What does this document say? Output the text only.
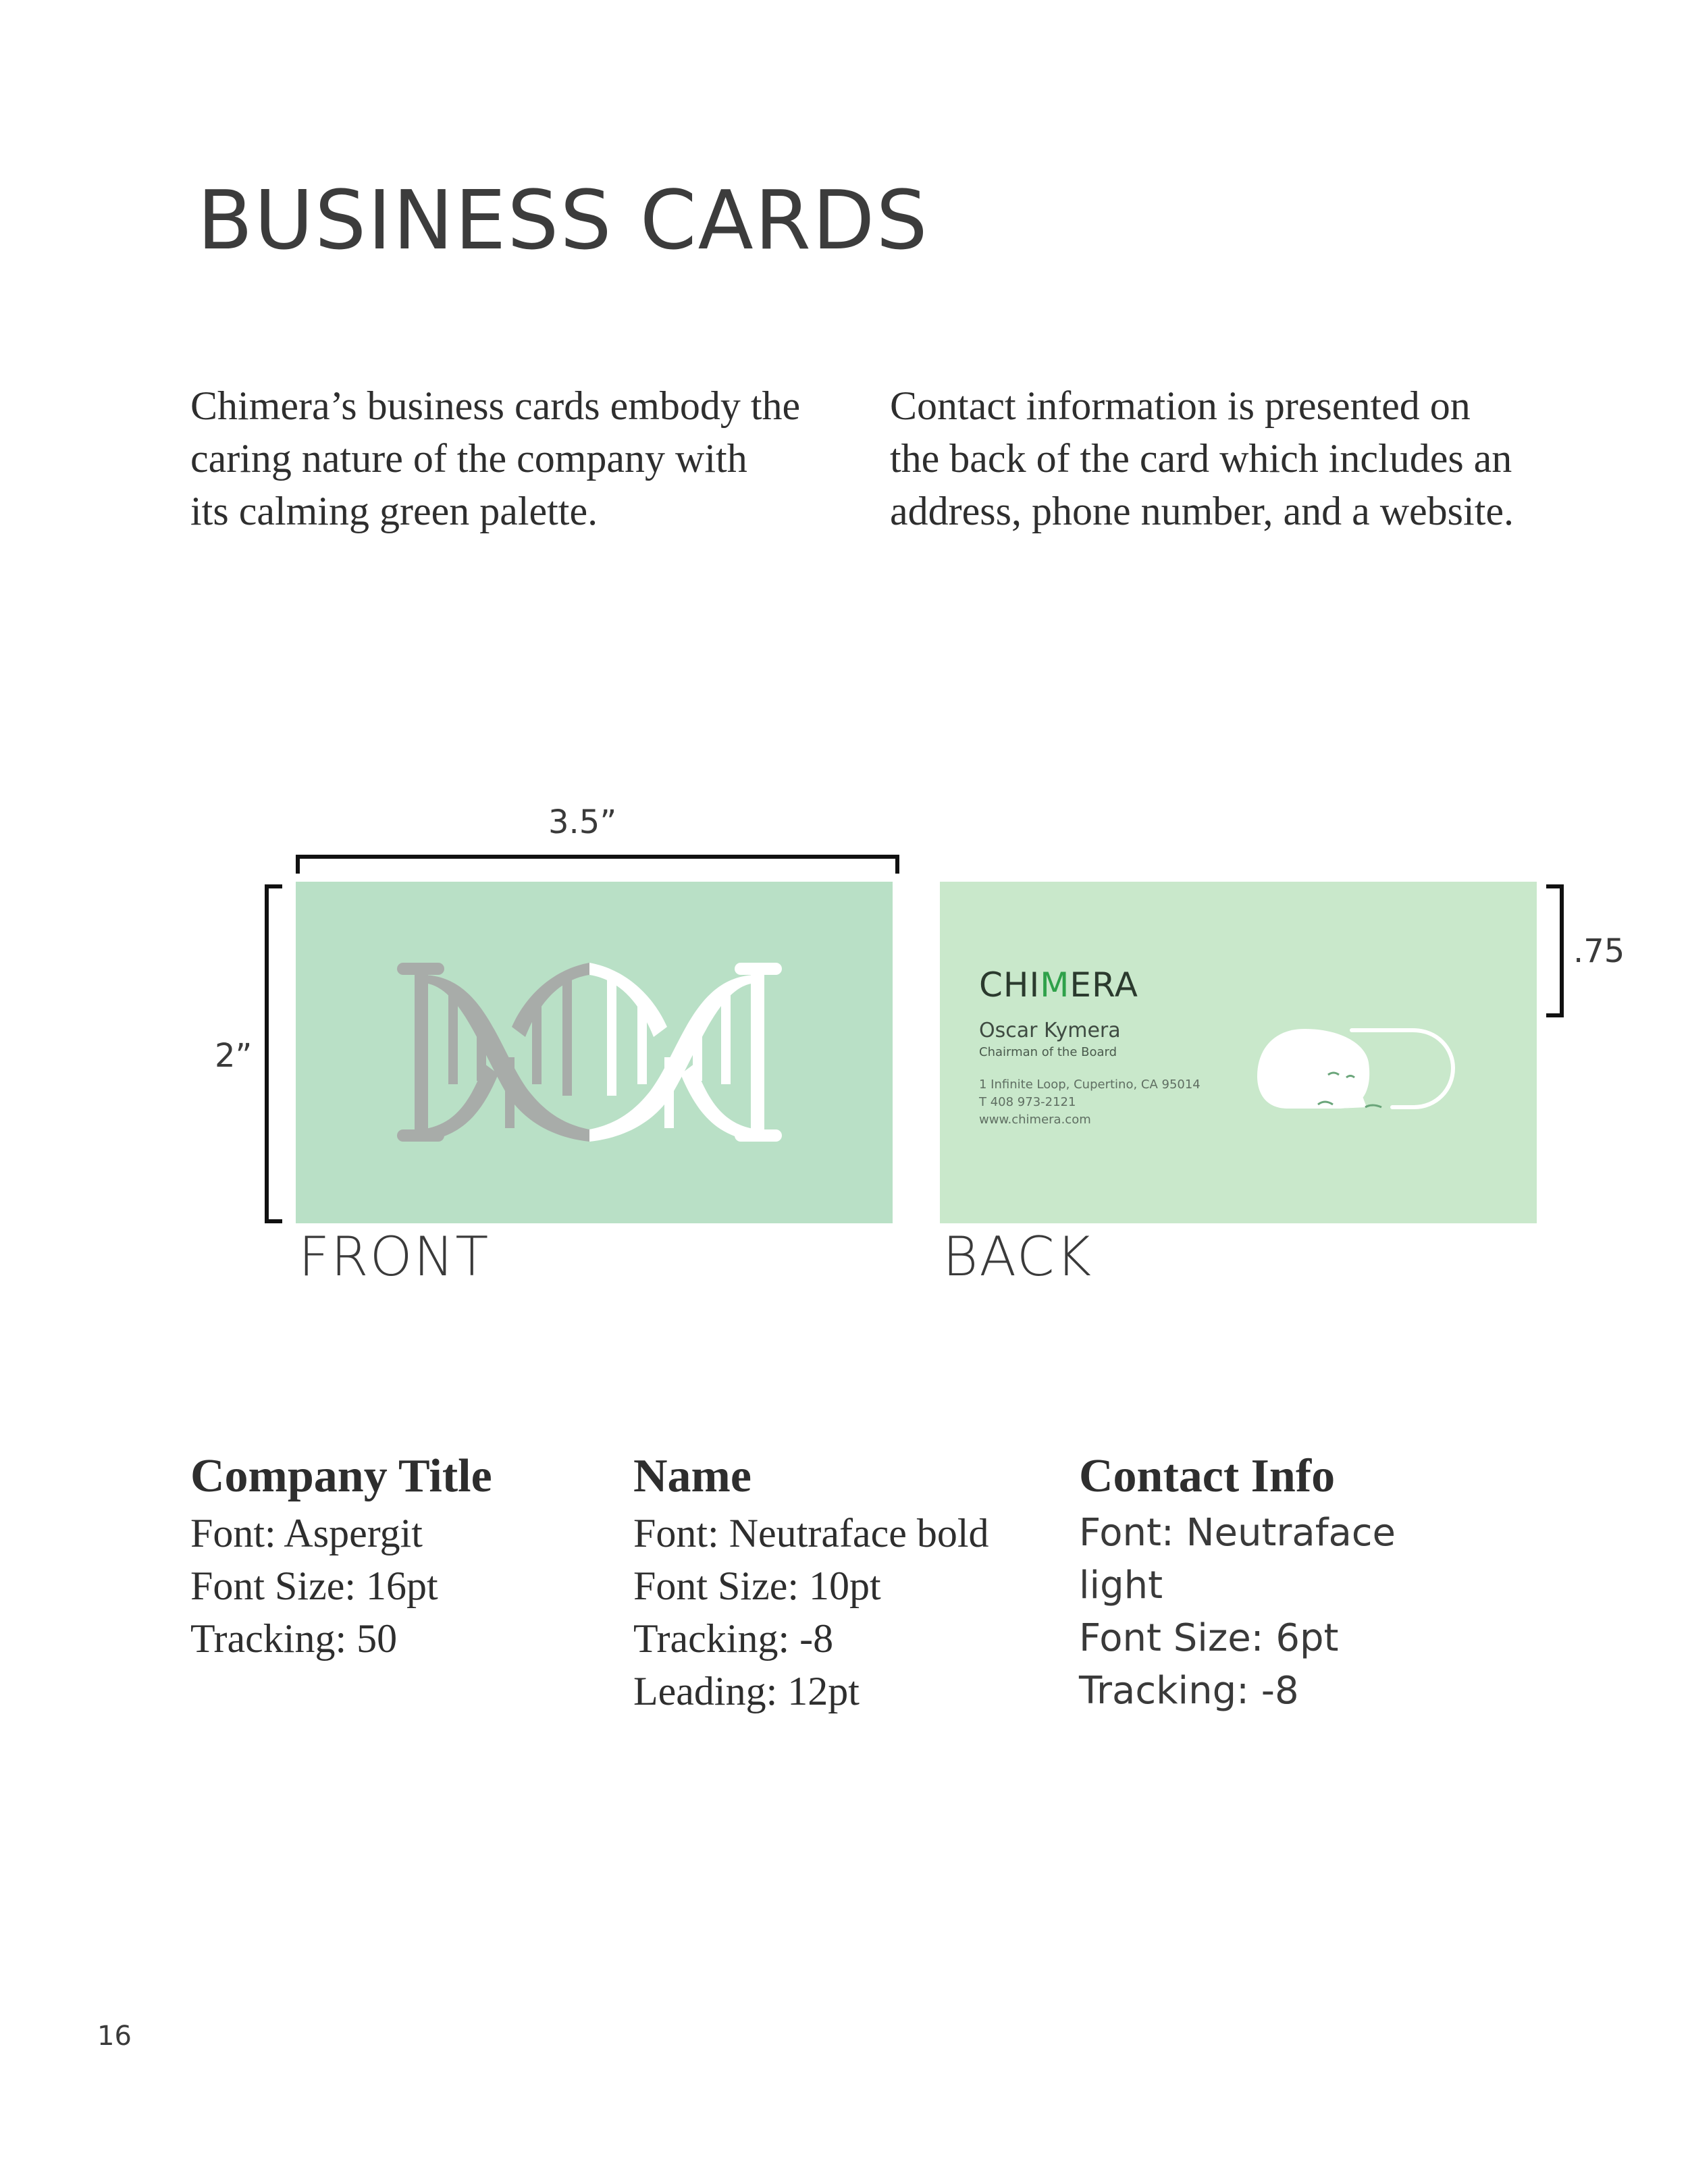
BUSINESS CARDS
Chimera’s business cards embody the
caring nature of the company with
its calming green palette.
Contact information is presented on
the back of the card which includes an
address, phone number, and a website.
3.5”
2”
.75
FRONT
CHIMERA
Oscar Kymera
Chairman of the Board
1 Infinite Loop, Cupertino, CA 95014
T 408 973-2121
www.chimera.com
BACK
Company Title

Font: Aspergit

Font Size: 16pt

Tracking: 50

Name

Font: Neutraface bold

Font Size: 10pt

Tracking: -8

Leading: 12pt

Contact Info

Font: Neutraface

light

Font Size: 6pt

Tracking: -8

16
